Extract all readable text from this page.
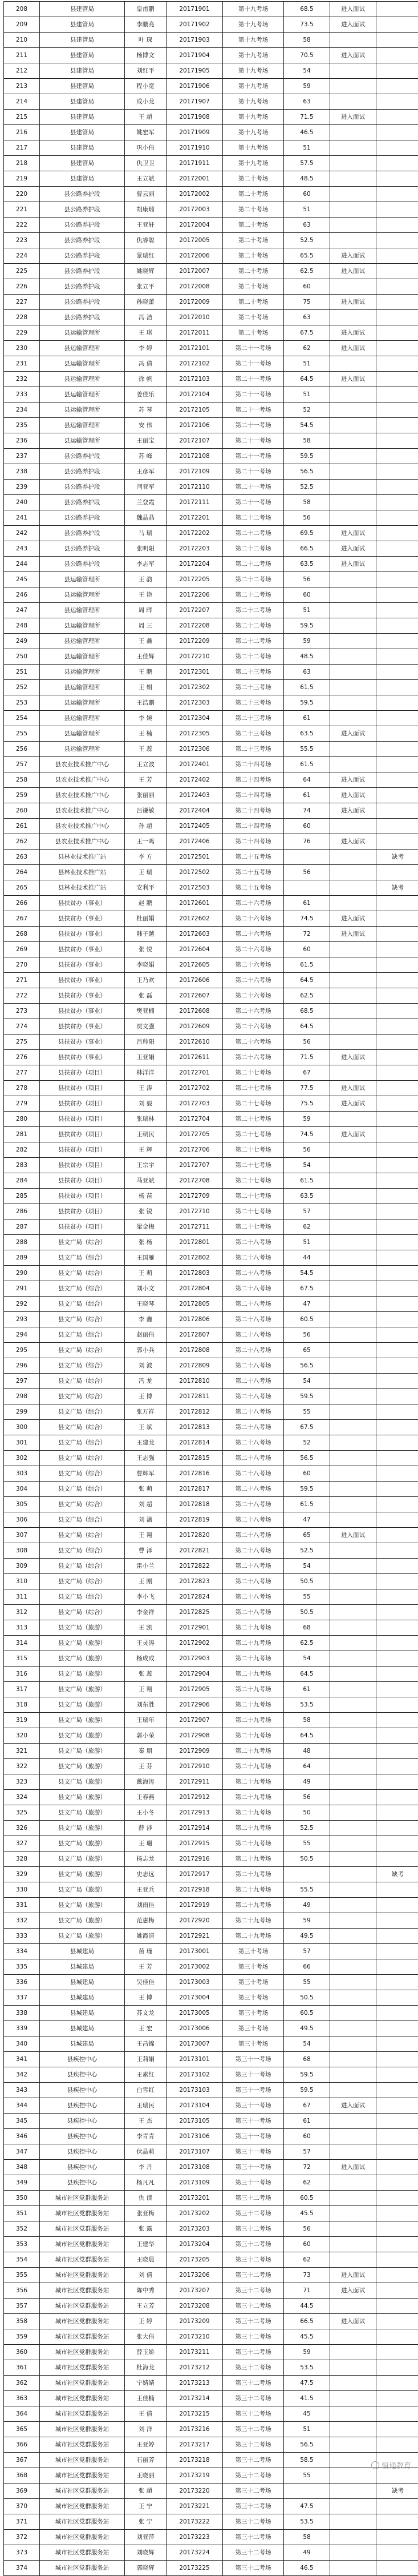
208	县建管局	皇甫鹏	20171901	第十九考场	68.5	进入面试	
209	县建管局	李鹏亮	20171902	第十九考场	73.5	进入面试	
210	县建管局	叶 琛	20171903	第十九考场	58		
211	县建管局	杨博文	20171904	第十九考场	70.5	进入面试	
212	县建管局	刘红平	20171905	第十九考场	54		
213	县建管局	程小宽	20171906	第十九考场	59		
214	县建管局	成小龙	20171907	第十九考场	63		
215	县建管局	王 超	20171908	第十九考场	71.5	进入面试	
216	县建管局	姚宏军	20171909	第十九考场	46.5		
217	县建管局	巩小伟	20171910	第十九考场	51		
218	县建管局	仇卫卫	20171911	第十九考场	57.5		
219	县建管局	王立斌	20172001	第二十考场	48.5		
220	县公路养护段	曹云丽	20172002	第二十考场	60		
221	县公路养护段	胡康瑞	20172003	第二十考场	51		
222	县公路养护段	王亚轩	20172004	第二十考场	63		
223	县公路养护段	仇睿聪	20172005	第二十考场	52.5		
224	县公路养护段	景瑞红	20172006	第二十考场	65.5	进入面试	
225	县公路养护段	姚晓辉	20172007	第二十考场	62.5	进入面试	
226	县公路养护段	张立平	20172008	第二十考场	60		
227	县公路养护段	孙晓蕾	20172009	第二十考场	75	进入面试	
228	县公路养护段	冯 洁	20172010	第二十考场	63		
229	县运输管理所	王 琪	20172011	第二十考场	67.5	进入面试	
230	县运输管理所	李 婷	20172101	第二十一考场	62	进入面试	
231	县运输管理所	冯 倩	20172102	第二十一考场	51		
232	县运输管理所	徐 帆	20172103	第二十一考场	64.5	进入面试	
233	县运输管理所	姜佳乐	20172104	第二十一考场	51		
234	县运输管理所	苏 琴	20172105	第二十一考场	52		
235	县运输管理所	安 伟	20172106	第二十一考场	54.5		
236	县运输管理所	王丽宝	20172107	第二十一考场	58		
237	县公路养护段	苏 峰	20172108	第二十一考场	59.5		
238	县公路养护段	王彦军	20172109	第二十一考场	56.5		
239	县公路养护段	闫亚军	20172110	第二十一考场	52.5		
240	县公路养护段	兰登霞	20172111	第二十一考场	58		
241	县公路养护段	魏晶晶	20172201	第二十二考场	56		
242	县公路养护段	马 瑞	20172202	第二十二考场	69.5	进入面试	
243	县公路养护段	张明阳	20172203	第二十二考场	66.5	进入面试	
244	县公路养护段	李志军	20172204	第二十二考场	63.5	进入面试	
245	县运输管理所	王 韵	20172205	第二十二考场	56		
246	县运输管理所	王 艳	20172206	第二十二考场	60		
247	县运输管理所	周 晔	20172207	第二十二考场	51		
248	县运输管理所	周 三	20172208	第二十二考场	59.5		
249	县运输管理所	王 鑫	20172209	第二十二考场	59		
250	县运输管理所	王佳辉	20172210	第二十二考场	48.5		
251	县运输管理所	王 鹏	20172301	第二十三考场	63		
252	县运输管理所	王 娟	20172302	第二十三考场	61.5		
253	县运输管理所	王浩鹏	20172303	第二十三考场	59.5		
254	县运输管理所	李 婉	20172304	第二十三考场	61		
255	县运输管理所	王 楠	20172305	第二十三考场	63.5	进入面试	
256	县运输管理所	王 蕊	20172306	第二十三考场	55.5		
257	县农业技术推广中心	王立波	20172401	第二十四考场	61.5		
258	县农业技术推广中心	王 芳	20172402	第二十四考场	64	进入面试	
259	县农业技术推广中心	张丽丽	20172403	第二十四考场	61	进入面试	
260	县农业技术推广中心	吕谦敏	20172404	第二十四考场	74	进入面试	
261	县农业技术推广中心	孙 超	20172405	第二十四考场	60		
262	县农业技术推广中心	王一鸣	20172406	第二十四考场	76	进入面试	
263	县林业技术推广站	李 方	20172501	第二十五考场			缺考
264	县林业技术推广站	王 瑞	20172502	第二十五考场	56		
265	县林业技术推广站	安利平	20172503	第二十五考场			缺考
266	县扶贫办（事业）	赵 鹏	20172601	第二十六考场	61		
267	县扶贫办（事业）	杜丽娟	20172602	第二十六考场	74.5	进入面试	
268	县扶贫办（事业）	韩子越	20172603	第二十六考场	72	进入面试	
269	县扶贫办（事业）	张 悦	20172604	第二十六考场	60		
270	县扶贫办（事业）	李晓娟	20172605	第二十六考场	61.5		
271	县扶贫办（事业）	王乃欢	20172606	第二十六考场	64.5		
272	县扶贫办（事业）	张 磊	20172607	第二十六考场	62.5		
273	县扶贫办（事业）	樊亚楠	20172608	第二十六考场	68.5		
274	县扶贫办（事业）	贾文强	20172609	第二十六考场	64.5		
275	县扶贫办（事业）	吕帅阳	20172610	第二十六考场	56		
276	县扶贫办（事业）	王亚娟	20172611	第二十六考场	71.5	进入面试	
277	县扶贫办（项目）	林洋洋	20172701	第二十七考场	67		
278	县扶贫办（项目）	王 涛	20172702	第二十七考场	77.5	进入面试	
279	县扶贫办（项目）	刘 毅	20172703	第二十七考场	75.5	进入面试	
280	县扶贫办（项目）	张瑞林	20172704	第二十七考场	59		
281	县扶贫办（项目）	王朝民	20172705	第二十七考场	74.5	进入面试	
282	县扶贫办（项目）	王 辉	20172706	第二十七考场	56		
283	县扶贫办（项目）	王宗宇	20172707	第二十七考场	54		
284	县扶贫办（项目）	马亚斌	20172708	第二十七考场	61.5		
285	县扶贫办（项目）	杨 苗	20172709	第二十七考场	63.5		
286	县扶贫办（项目）	张 锐	20172710	第二十七考场	57		
287	县扶贫办（项目）	梁金梅	20172711	第二十七考场	62		
288	县文广局（综合）	张 杨	20172801	第二十八考场	51		
289	县文广局（综合）	王国雁	20172802	第二十八考场	44		
290	县文广局（综合）	王 萌	20172803	第二十八考场	54.5		
291	县文广局（综合）	刘小文	20172804	第二十八考场	67.5		
292	县文广局（综合）	王晓琴	20172805	第二十八考场	47		
293	县文广局（综合）	李 鑫	20172806	第二十八考场	60.5		
294	县文广局（综合）	赵丽伟	20172807	第二十八考场	56		
295	县文广局（综合）	郭小兵	20172808	第二十八考场	65		
296	县文广局（综合）	刘 波	20172809	第二十八考场	56.5		
297	县文广局（综合）	冯 龙	20172810	第二十八考场	54		
298	县文广局（综合）	王 博	20172811	第二十八考场	59.5		
299	县文广局（综合）	张万祥	20172812	第二十八考场	55		
300	县文广局（综合）	王 斌	20172813	第二十八考场	67.5		
301	县文广局（综合）	王建龙	20172814	第二十八考场	52		
302	县文广局（综合）	王志强	20172815	第二十八考场	56.5		
303	县文广局（综合）	曹辉军	20172816	第二十八考场	60		
304	县文广局（综合）	张 萌	20172817	第二十八考场	59.5		
305	县文广局（综合）	刘 超	20172818	第二十八考场	61.5		
306	县文广局（综合）	刘 潇	20172819	第二十八考场	47		
307	县文广局（综合）	王 翔	20172820	第二十八考场	65	进入面试	
308	县文广局（综合）	曹 泽	20172821	第二十八考场	52.5		
309	县文广局（综合）	雷小兰	20172822	第二十八考场	54		
310	县文广局（综合）	王 刚	20172823	第二十八考场	50.5		
311	县文广局（综合）	李小飞	20172824	第二十八考场	55		
312	县文广局（综合）	李金祥	20172825	第二十八考场	50.5		
313	县文广局（旅游）	王 凯	20172901	第二十九考场	68		
314	县文广局（旅游）	王灵涛	20172902	第二十九考场	62.5		
315	县文广局（旅游）	杨成成	20172903	第二十九考场	54		
316	县文广局（旅游）	张 蕊	20172904	第二十九考场	64.5		
317	县文广局（旅游）	王 翔	20172905	第二十九考场	61		
318	县文广局（旅游）	刘东胜	20172906	第二十九考场	53.5		
319	县文广局（旅游）	王瑞年	20172907	第二十九考场	58		
320	县文广局（旅游）	郭小荣	20172908	第二十九考场	64.5		
321	县文广局（旅游）	秦 朋	20172909	第二十九考场	48		
322	县文广局（旅游）	王 芬	20172910	第二十九考场	64		
323	县文广局（旅游）	戴海涛	20172911	第二十九考场	49		
324	县文广局（旅游）	王春燕	20172912	第二十九考场	56		
325	县文广局（旅游）	王小冬	20172913	第二十九考场	50		
326	县文广局（旅游）	薛 涉	20172914	第二十九考场	52.5		
327	县文广局（旅游）	王 珊	20172915	第二十九考场	55		
328	县文广局（旅游）	杨志龙	20172916	第二十九考场	50.5		
329	县文广局（旅游）	史志远	20172917	第二十九考场			缺考
330	县文广局（旅游）	王亚兵	20172918	第二十九考场	55.5		
331	县文广局（旅游）	刘雨佳	20172919	第二十九考场	49		
332	县文广局（旅游）	范惠梅	20172920	第二十九考场	59		
333	县文广局（旅游）	姚霞清	20172921	第二十九考场	49.5		
334	县城建局	苗 瑾	20173001	第三十考场	57		
335	县城建局	王 芳	20173002	第三十考场	66		
336	县城建局	吴佳佳	20173003	第三十考场	55		
337	县城建局	王 博	20173004	第三十考场	50.5		
338	县城建局	苏文龙	20173005	第三十考场	60.5		
339	县城建局	王 宏	20173006	第三十考场	49.5		
340	县城建局	王昌锦	20173007	第三十考场	54		
341	县疾控中心	王莉娟	20173101	第三十一考场	68		
342	县疾控中心	王素红	20173102	第三十一考场	59.5		
343	县疾控中心	白雪红	20173103	第三十一考场	59.5		
344	县疾控中心	王瑞民	20173104	第三十一考场	67	进入面试	
345	县疾控中心	王 杰	20173105	第三十一考场	61		
346	县疾控中心	李青青	20173106	第三十一考场	60		
347	县疾控中心	伏晶莉	20173107	第三十一考场	57		
348	县疾控中心	李 丹	20173108	第三十一考场	72	进入面试	
349	县疾控中心	杨凡凡	20173109	第三十一考场	62		
350	城市社区党群服务站	仇 读	20173201	第三十二考场	60.5		
351	城市社区党群服务站	张亚梅	20173202	第三十二考场	45.5		
352	城市社区党群服务站	张 露	20173203	第三十二考场	56		
353	城市社区党群服务站	王建华	20173204	第三十二考场	60		
354	城市社区党群服务站	王晓晨	20173205	第三十二考场	62		
355	城市社区党群服务站	刘 倩	20173206	第三十二考场	73	进入面试	
356	城市社区党群服务站	陈中秀	20173207	第三十二考场	71	进入面试	
357	城市社区党群服务站	王立芳	20173208	第三十二考场	44.5		
358	城市社区党群服务站	王 婷	20173209	第三十二考场	66.5	进入面试	
359	城市社区党群服务站	张大伟	20173210	第三十二考场	45.5		
360	城市社区党群服务站	薛玉娇	20173211	第三十二考场	59		
361	城市社区党群服务站	杜海龙	20173212	第三十二考场	53.5		
362	城市社区党群服务站	宁婧婧	20173213	第三十二考场	47.5		
363	城市社区党群服务站	王佳楠	20173214	第三十二考场	41.5		
364	城市社区党群服务站	王 倩	20173215	第三十二考场	45		
365	城市社区党群服务站	刘 洋	20173216	第三十二考场	51		
366	城市社区党群服务站	王亚婷	20173217	第三十二考场	56.5		
367	城市社区党群服务站	石丽芳	20173218	第三十二考场	58.5		
368	城市社区党群服务站	王晓丽	20173219	第三十二考场	55		
369	城市社区党群服务站	张 超	20173220	第三十二考场			缺考
370	城市社区党群服务站	王 宁	20173221	第三十二考场	47.5		
371	城市社区党群服务站	张 宁	20173222	第三十二考场	53.5		
372	城市社区党群服务站	刘亚萍	20173223	第三十二考场	58		
373	城市社区党群服务站	刘晓辉	20173224	第三十二考场	49		
374	城市社区党群服务站	郭晓辉	20173225	第三十二考场	46.5		
恒通教育
